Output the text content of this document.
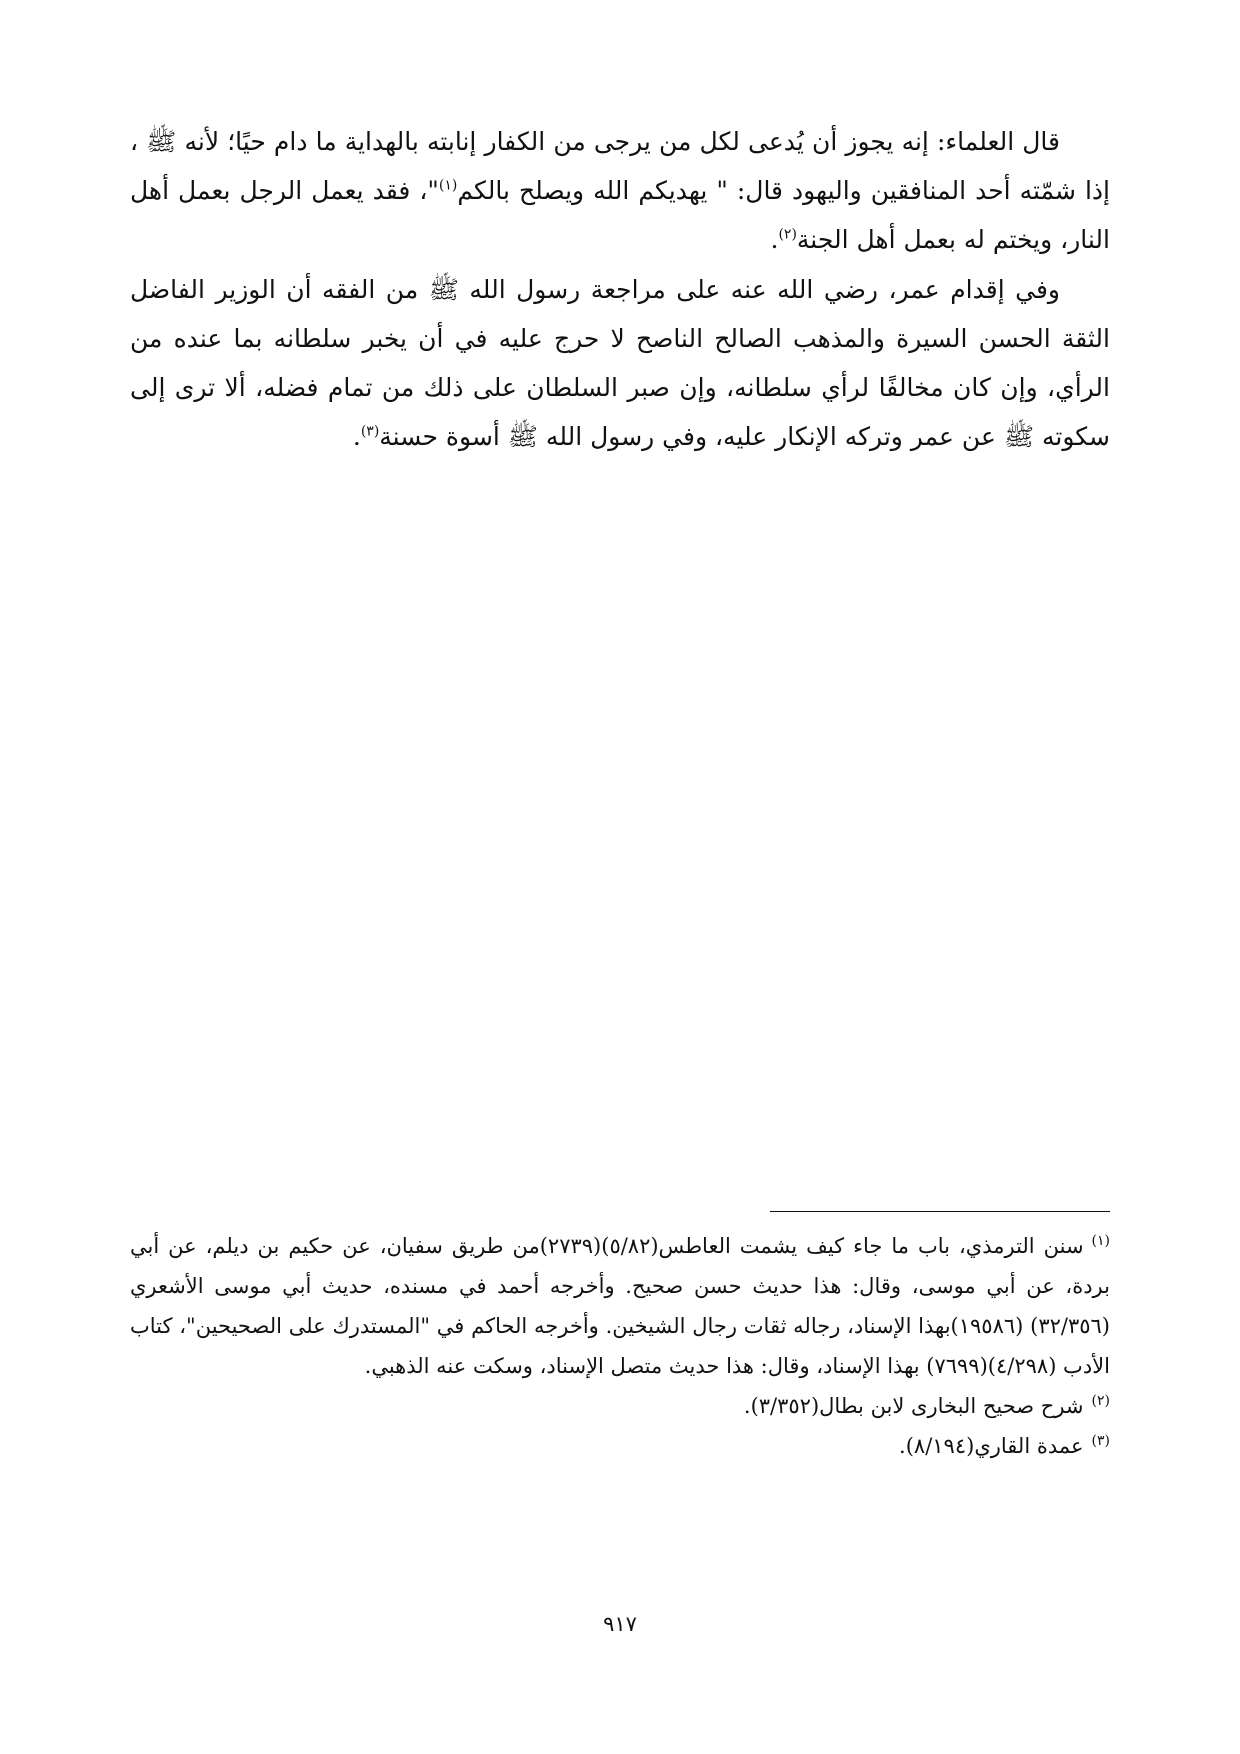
قال العلماء: إنه يجوز أن يُدعى لكل من يرجى من الكفار إنابته بالهداية ما دام حيًا؛ لأنه ﷺ ، إذا شمّته أحد المنافقين واليهود قال: " يهديكم الله ويصلح بالكم$^{(١)}$"، فقد يعمل الرجل بعمل أهل النار، ويختم له بعمل أهل الجنة$^{(٢)}$.

وفي إقدام عمر، رضي الله عنه على مراجعة رسول الله ﷺ من الفقه أن الوزير الفاضل الثقة الحسن السيرة والمذهب الصالح الناصح لا حرج عليه في أن يخبر سلطانه بما عنده من الرأي، وإن كان مخالفًا لرأي سلطانه، وإن صبر السلطان على ذلك من تمام فضله، ألا ترى إلى سكوته ﷺ عن عمر وتركه الإنكار عليه، وفي رسول الله ﷺ أسوة حسنة$^{(٣)}$.

$^{(١)}$سنن الترمذي، باب ما جاء كيف يشمت العاطس(٥/٨٢)(٢٧٣٩)من طريق سفيان، عن حكيم بن ديلم، عن أبي بردة، عن أبي موسى، وقال: هذا حديث حسن صحيح. وأخرجه أحمد في مسنده، حديث أبي موسى الأشعري (٣٢/٣٥٦) (١٩٥٨٦)بهذا الإسناد، رجاله ثقات رجال الشيخين. وأخرجه الحاكم في "المستدرك على الصحيحين"، كتاب الأدب (٤/٢٩٨)(٧٦٩٩) بهذا الإسناد، وقال: هذا حديث متصل الإسناد، وسكت عنه الذهبي.

$^{(٢)}$شرح صحيح البخارى لابن بطال(٣/٣٥٢).

$^{(٣)}$عمدة القاري(٨/١٩٤).

٩١٧
